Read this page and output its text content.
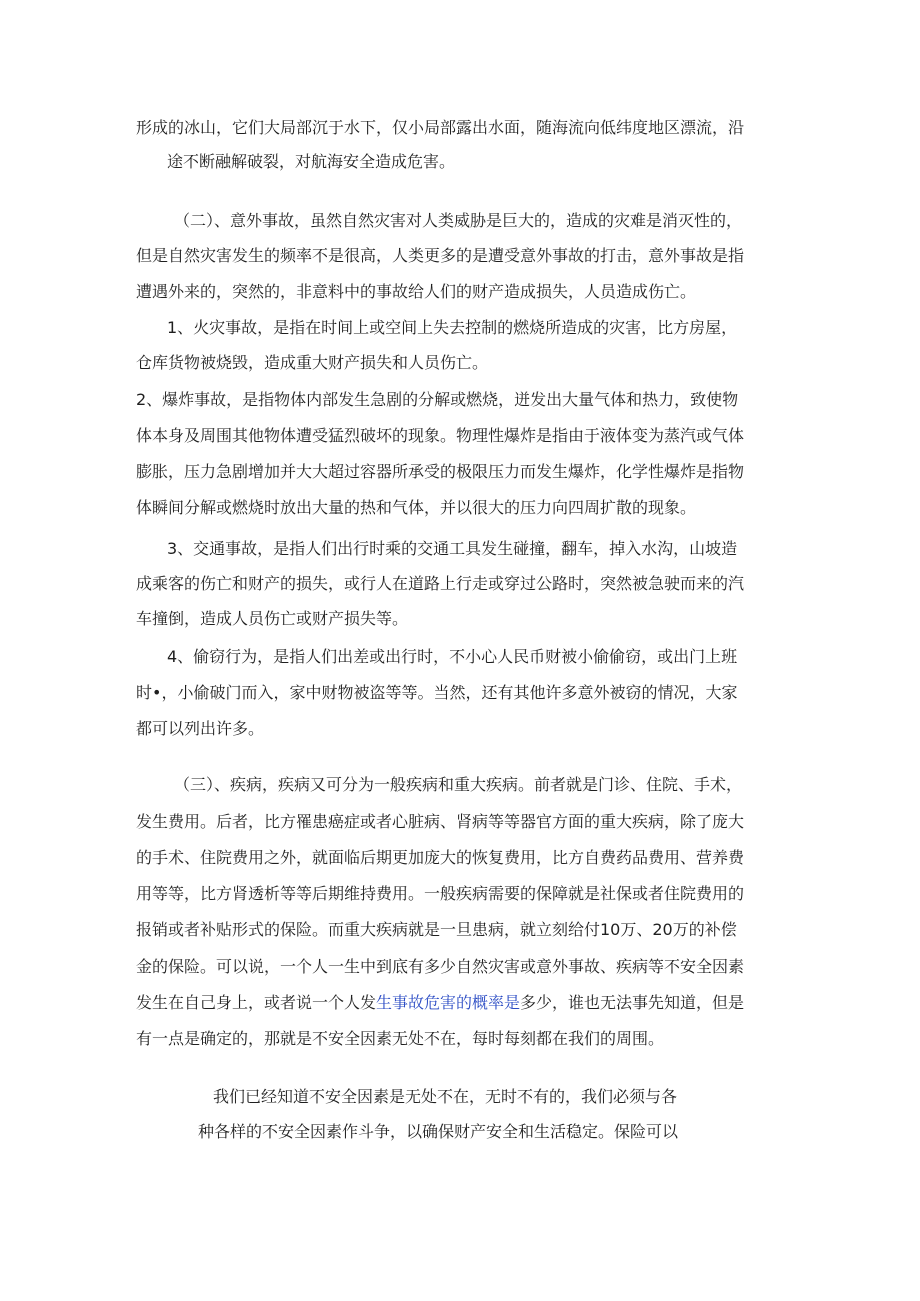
形成的冰山，它们大局部沉于水下，仅小局部露出水面，随海流向低纬度地区漂流，沿
途不断融解破裂，对航海安全造成危害。
（二）、意外事故，虽然自然灾害对人类威胁是巨大的，造成的灾难是消灭性的，
但是自然灾害发生的频率不是很高，人类更多的是遭受意外事故的打击，意外事故是指
遭遇外来的，突然的，非意料中的事故给人们的财产造成损失，人员造成伤亡。
1、火灾事故，是指在时间上或空间上失去控制的燃烧所造成的灾害，比方房屋，
仓库货物被烧毁，造成重大财产损失和人员伤亡。
2、爆炸事故，是指物体内部发生急剧的分解或燃烧，迸发出大量气体和热力，致使物
体本身及周围其他物体遭受猛烈破坏的现象。物理性爆炸是指由于液体变为蒸汽或气体
膨胀，压力急剧增加并大大超过容器所承受的极限压力而发生爆炸，化学性爆炸是指物
体瞬间分解或燃烧时放出大量的热和气体，并以很大的压力向四周扩散的现象。
3、交通事故，是指人们出行时乘的交通工具发生碰撞，翻车，掉入水沟，山坡造
成乘客的伤亡和财产的损失，或行人在道路上行走或穿过公路时，突然被急驶而来的汽
车撞倒，造成人员伤亡或财产损失等。
4、偷窃行为，是指人们出差或出行时，不小心人民币财被小偷偷窃，或出门上班
时•，小偷破门而入，家中财物被盗等等。当然，还有其他许多意外被窃的情况，大家
都可以列出许多。
（三）、疾病，疾病又可分为一般疾病和重大疾病。前者就是门诊、住院、手术，
发生费用。后者，比方罹患癌症或者心脏病、肾病等等器官方面的重大疾病，除了庞大
的手术、住院费用之外，就面临后期更加庞大的恢复费用，比方自费药品费用、营养费
用等等，比方肾透析等等后期维持费用。一般疾病需要的保障就是社保或者住院费用的
报销或者补贴形式的保险。而重大疾病就是一旦患病，就立刻给付10万、20万的补偿
金的保险。可以说，一个人一生中到底有多少自然灾害或意外事故、疾病等不安全因素
发生在自己身上，或者说一个人发生事故危害的概率是多少，谁也无法事先知道，但是
有一点是确定的，那就是不安全因素无处不在，每时每刻都在我们的周围。
我们已经知道不安全因素是无处不在，无时不有的，我们必须与各
种各样的不安全因素作斗争，以确保财产安全和生活稳定。保险可以
